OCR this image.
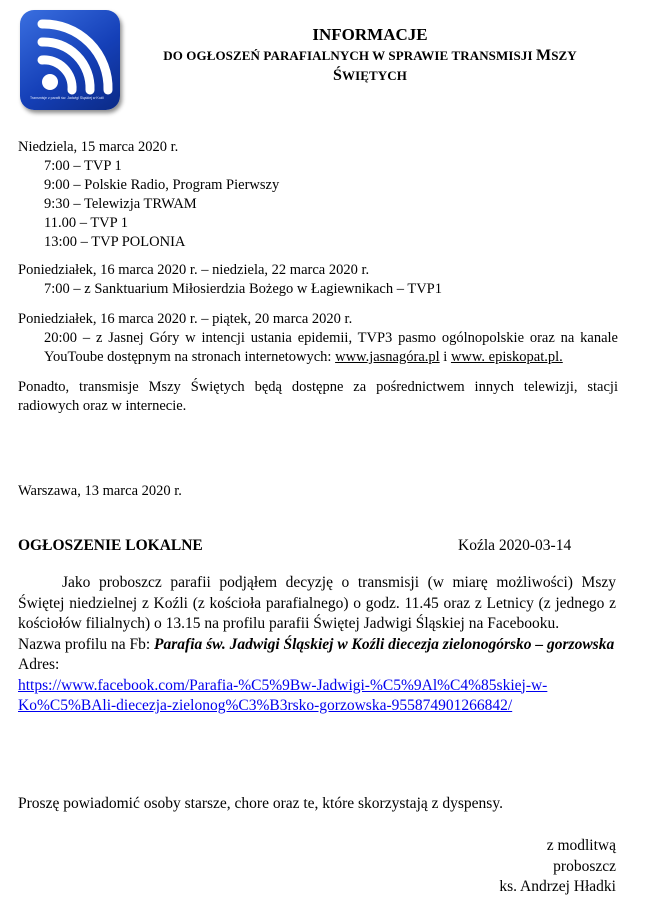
Transmisje z parafii św. Jadwigi Śląskiej w Koźli
INFORMACJE
DO OGŁOSZEŃ PARAFIALNYCH W SPRAWIE TRANSMISJI MSZY
ŚWIĘTYCH
Niedziela, 15 marca 2020 r.
7:00 – TVP 1
9:00 – Polskie Radio, Program Pierwszy
9:30 – Telewizja TRWAM
11.00 – TVP 1
13:00 – TVP POLONIA
Poniedziałek, 16 marca 2020 r. – niedziela, 22 marca 2020 r.
7:00 – z Sanktuarium Miłosierdzia Bożego w Łagiewnikach – TVP1
Poniedziałek, 16 marca 2020 r. – piątek, 20 marca 2020 r.
20:00 – z Jasnej Góry w intencji ustania epidemii, TVP3 pasmo ogólnopolskie oraz na kanale YouToube dostępnym na stronach internetowych: www.jasnagóra.pl i www. episkopat.pl.
Ponadto, transmisje Mszy Świętych będą dostępne za pośrednictwem innych telewizji, stacji radiowych oraz w internecie.
Warszawa, 13 marca 2020 r.
OGŁOSZENIE LOKALNE	Koźla 2020-03-14
Jako proboszcz parafii podjąłem decyzję o transmisji (w miarę możliwości) Mszy Świętej niedzielnej z Koźli (z kościoła parafialnego) o godz. 11.45 oraz z Letnicy (z jednego z kościołów filialnych) o 13.15 na profilu parafii Świętej Jadwigi Śląskiej na Facebooku.
Nazwa profilu na Fb: Parafia św. Jadwigi Śląskiej w Koźli diecezja zielonogórsko – gorzowska
Adres:
https://www.facebook.com/Parafia-%C5%9Bw-Jadwigi-%C5%9Al%C4%85skiej-w-
Ko%C5%BAli-diecezja-zielonog%C3%B3rsko-gorzowska-955874901266842/
Proszę powiadomić osoby starsze, chore oraz te, które skorzystają z dyspensy.
z modlitwą
proboszcz
ks. Andrzej Hładki
